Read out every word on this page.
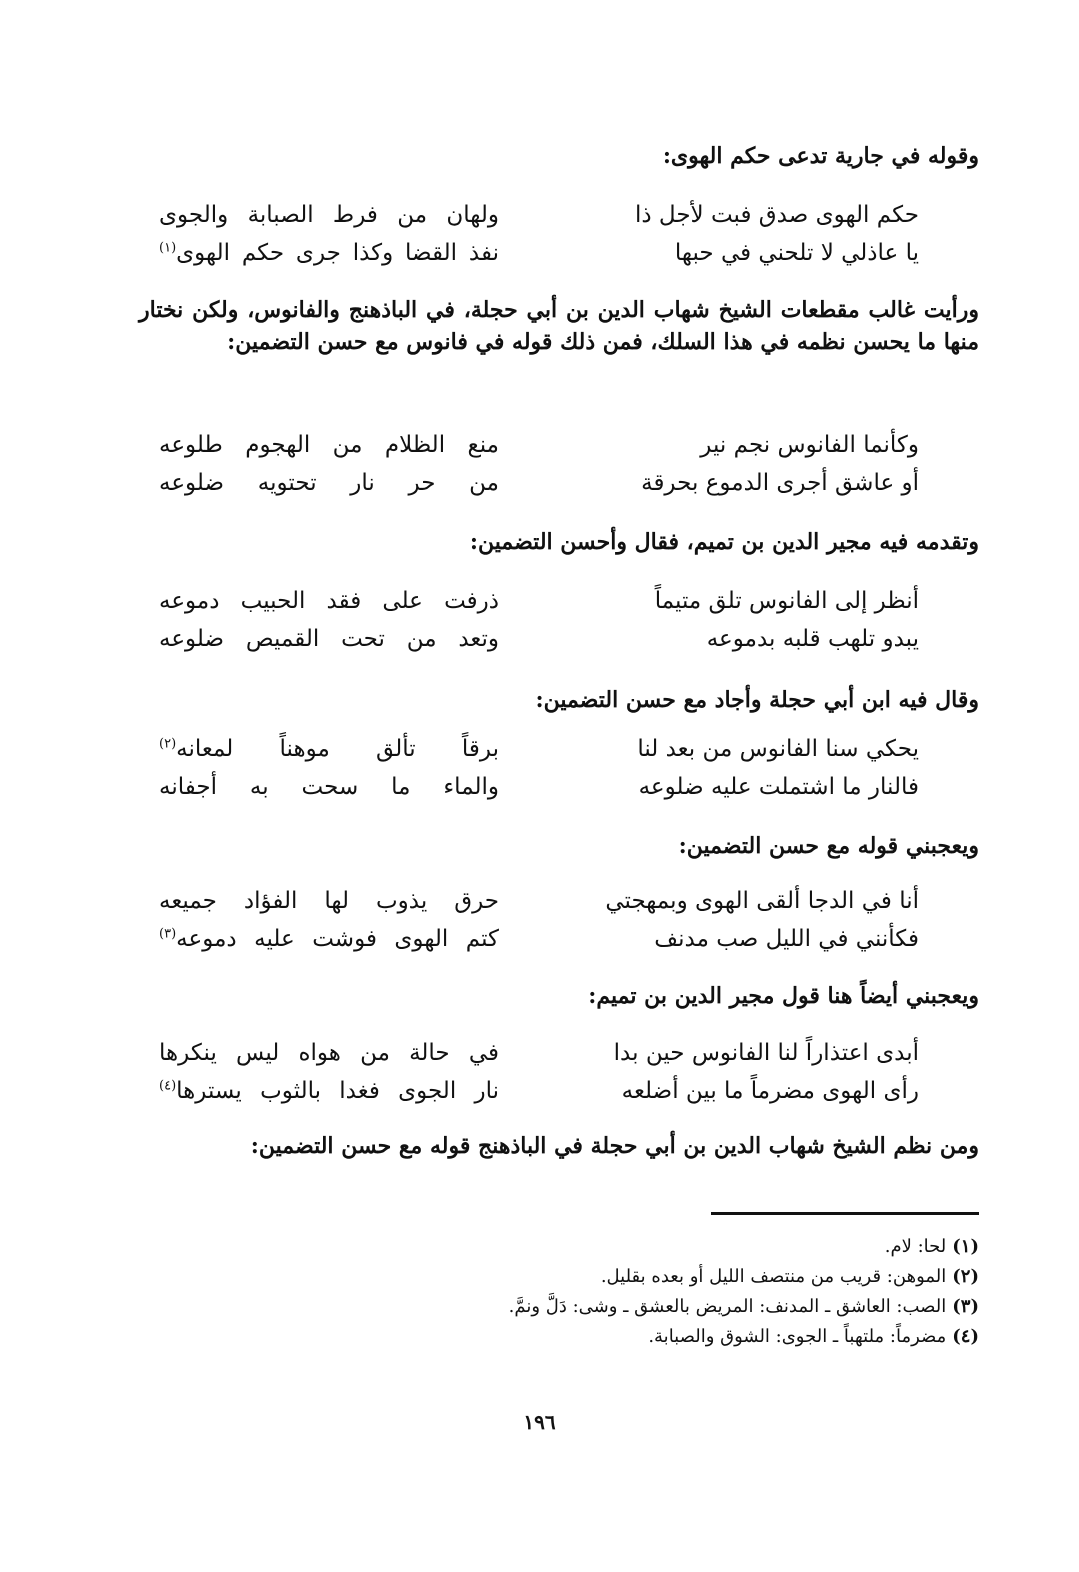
وقوله في جارية تدعى حكم الهوى:

حكم الهوى صدق فبت لأجل ذا
ولهان من فرط الصبابة والجوى
يا عاذلي لا تلحني في حبها
نفذ القضا وكذا جرى حكم الهوى$^{(١)}$

ورأيت غالب مقطعات الشيخ شهاب الدين بن أبي حجلة، في الباذهنج والفانوس، ولكن نختار منها ما يحسن نظمه في هذا السلك، فمن ذلك قوله في فانوس مع حسن التضمين:

وكأنما الفانوس نجم نير
منع الظلام من الهجوم طلوعه
أو عاشق أجرى الدموع بحرقة
من حر نار تحتويه ضلوعه

وتقدمه فيه مجير الدين بن تميم، فقال وأحسن التضمين:

أنظر إلى الفانوس تلق متيماً
ذرفت على فقد الحبيب دموعه
يبدو تلهب قلبه بدموعه
وتعد من تحت القميص ضلوعه

وقال فيه ابن أبي حجلة وأجاد مع حسن التضمين:

يحكي سنا الفانوس من بعد لنا
برقاً تألق موهناً لمعانه$^{(٢)}$
فالنار ما اشتملت عليه ضلوعه
والماء ما سحت به أجفانه

ويعجبني قوله مع حسن التضمين:

أنا في الدجا ألقى الهوى وبمهجتي
حرق يذوب لها الفؤاد جميعه
فكأنني في الليل صب مدنف
كتم الهوى فوشت عليه دموعه$^{(٣)}$

ويعجبني أيضاً هنا قول مجير الدين بن تميم:

أبدى اعتذاراً لنا الفانوس حين بدا
في حالة من هواه ليس ينكرها
رأى الهوى مضرماً ما بين أضلعه
نار الجوى فغدا بالثوب يسترها$^{(٤)}$

ومن نظم الشيخ شهاب الدين بن أبي حجلة في الباذهنج قوله مع حسن التضمين:

(١)لحا: لام.
(٢)الموهن: قريب من منتصف الليل أو بعده بقليل.
(٣)الصب: العاشق ـ المدنف: المريض بالعشق ـ وشى: دَلَّ ونمَّ.
(٤)مضرماً: ملتهباً ـ الجوى: الشوق والصبابة.
١٩٦
